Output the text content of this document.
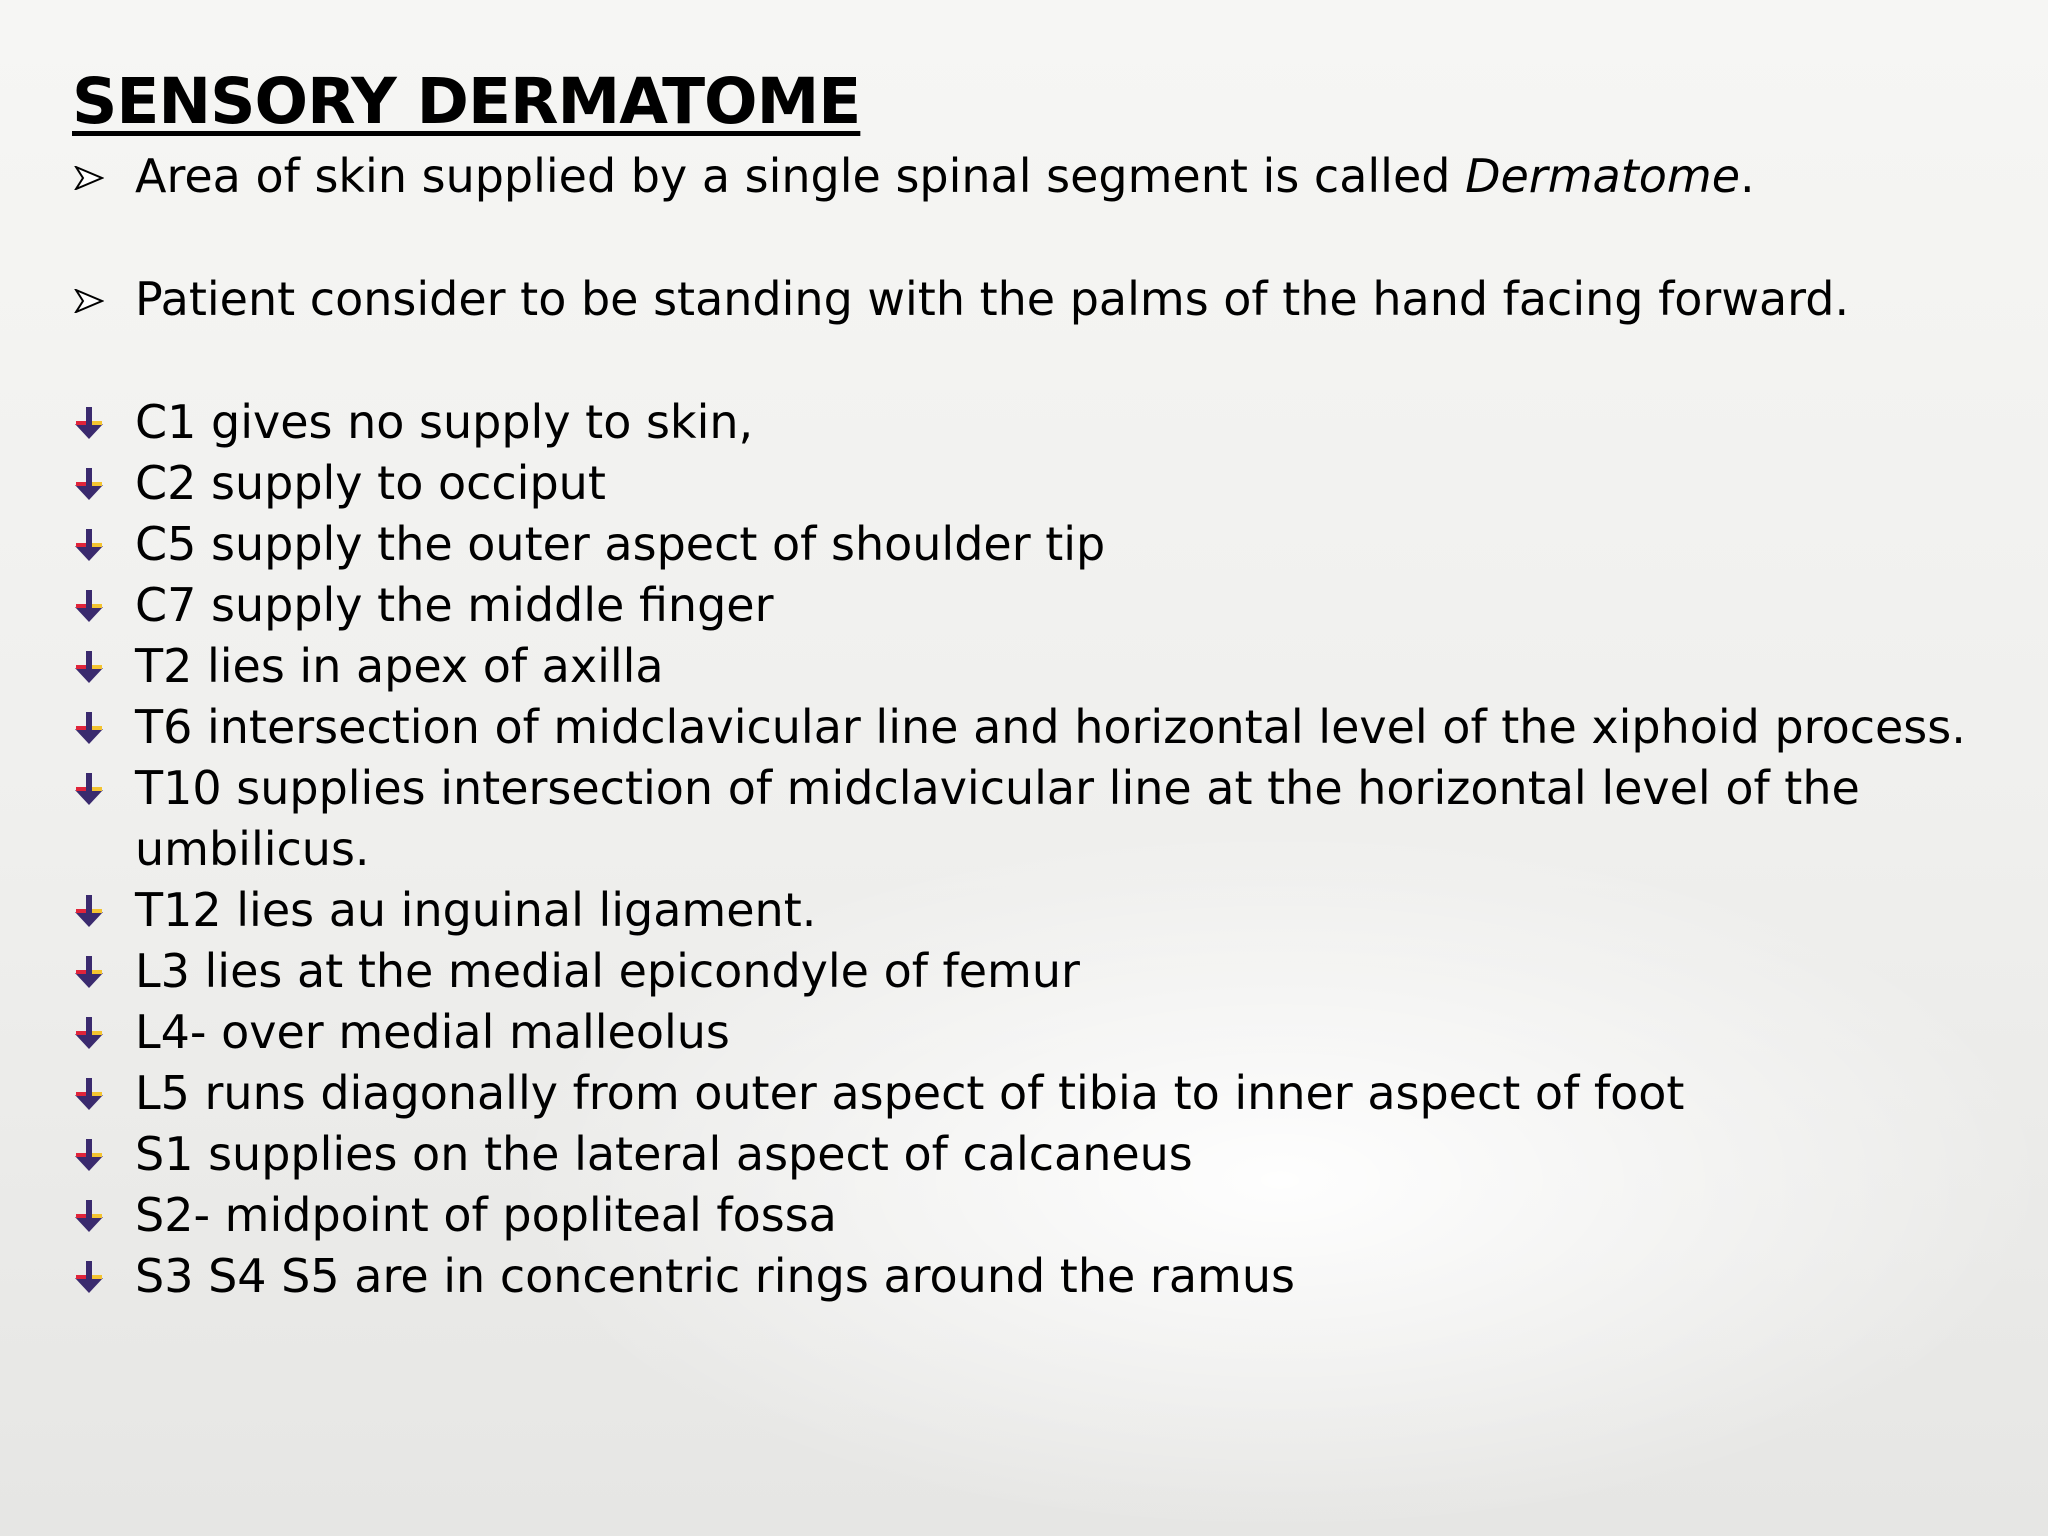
SENSORY DERMATOME
Area of skin supplied by a single spinal segment is called Dermatome.
Patient consider to be standing with the palms of the hand facing forward.
C1 gives no supply to skin,
C2 supply to occiput
C5 supply the outer aspect of shoulder tip
C7 supply the middle finger
T2 lies in apex of axilla
T6 intersection of midclavicular line and horizontal level of the xiphoid process.
T10 supplies intersection of midclavicular line at the horizontal level of the
umbilicus.
T12 lies au inguinal ligament.
L3 lies at the medial epicondyle of femur
L4- over medial malleolus
L5 runs diagonally from outer aspect of tibia to inner aspect of foot
S1 supplies on the lateral aspect of calcaneus
S2- midpoint of popliteal fossa
S3 S4 S5 are in concentric rings around the ramus
